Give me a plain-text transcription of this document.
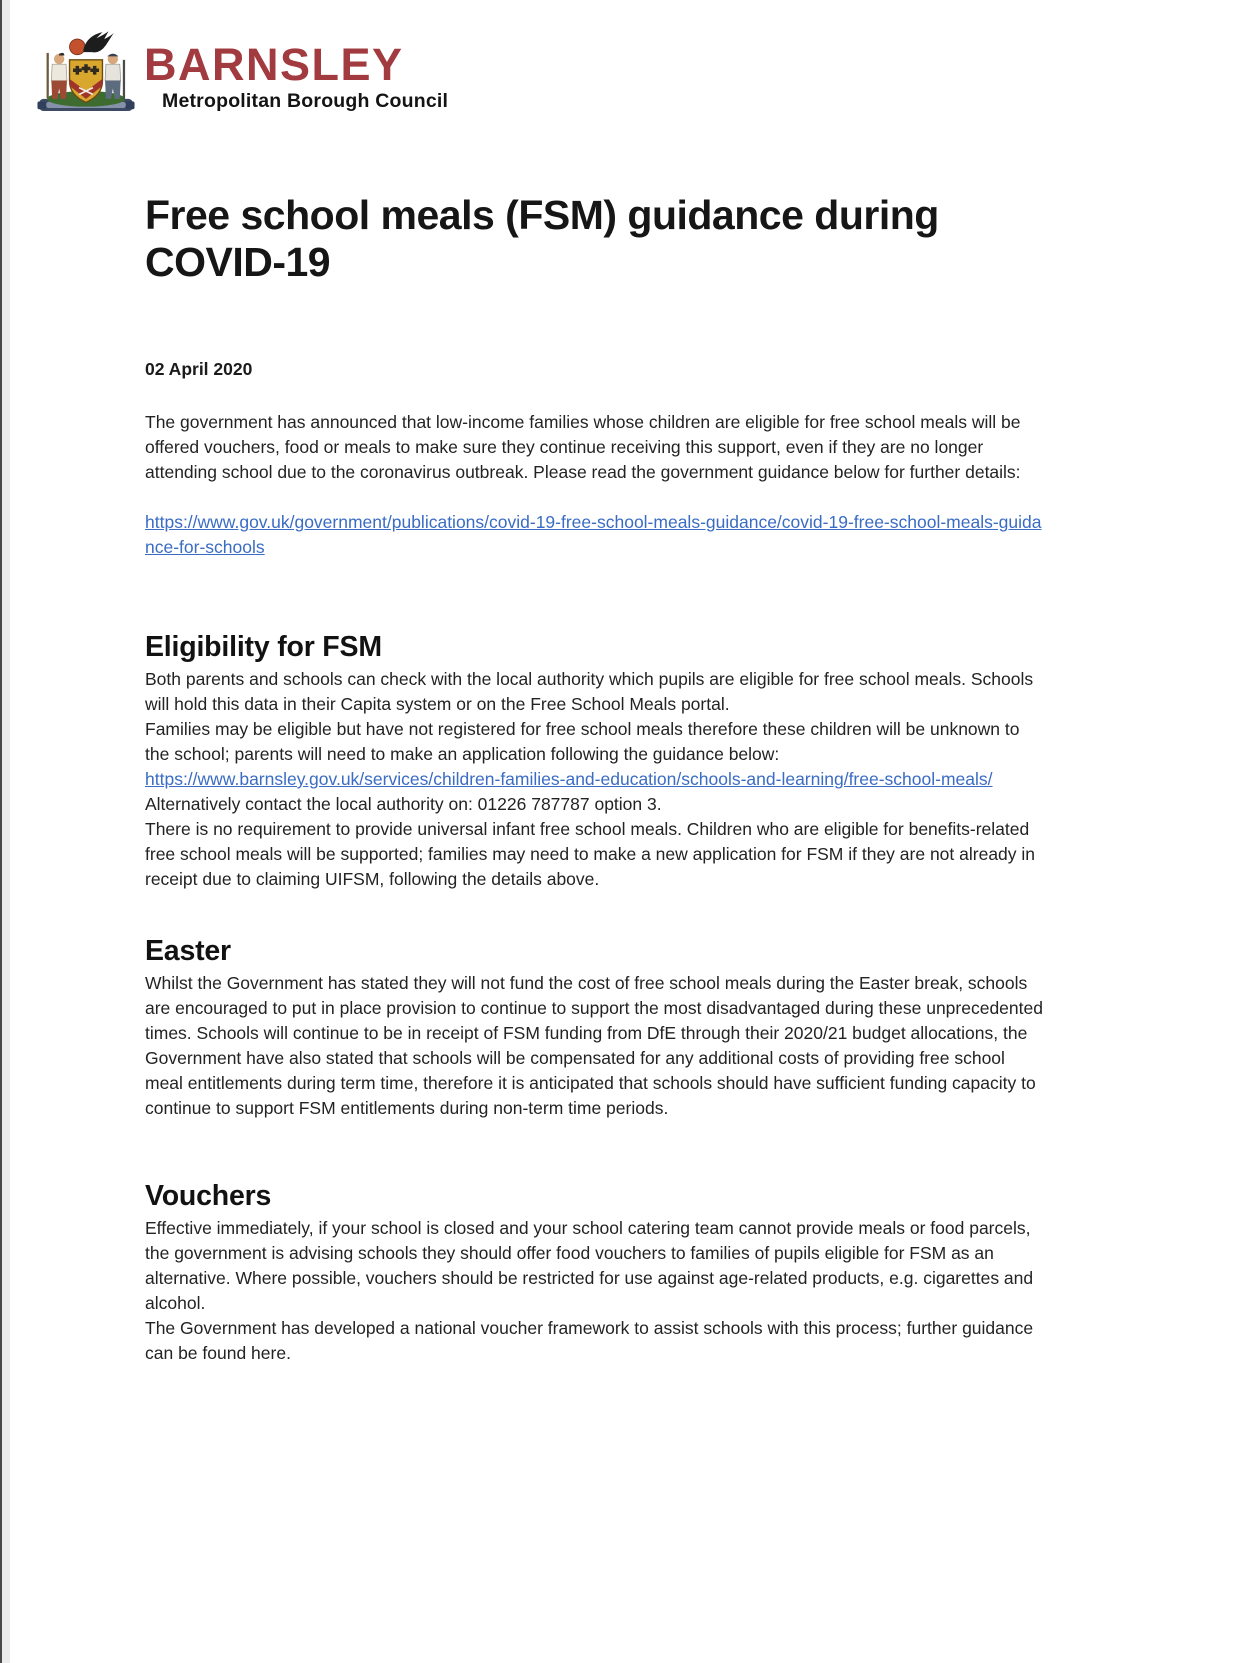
BARNSLEY
Metropolitan Borough Council
Free school meals (FSM) guidance during COVID-19
02 April 2020

The government has announced that low-income families whose children are eligible for free school meals will be offered vouchers, food or meals to make sure they continue receiving this support, even if they are no longer attending school due to the coronavirus outbreak. Please read the government guidance below for further details:

https://www.gov.uk/government/publications/covid-19-free-school-meals-guidance/covid-19-free-school-meals-guidance-for-schools

Eligibility for FSM

Both parents and schools can check with the local authority which pupils are eligible for free school meals. Schools will hold this data in their Capita system or on the Free School Meals portal.

Families may be eligible but have not registered for free school meals therefore these children will be unknown to the school; parents will need to make an application following the guidance below:

https://www.barnsley.gov.uk/services/children-families-and-education/schools-and-learning/free-school-meals/

Alternatively contact the local authority on: 01226 787787 option 3.

There is no requirement to provide universal infant free school meals. Children who are eligible for benefits-related free school meals will be supported; families may need to make a new application for FSM if they are not already in receipt due to claiming UIFSM, following the details above.

Easter

Whilst the Government has stated they will not fund the cost of free school meals during the Easter break, schools are encouraged to put in place provision to continue to support the most disadvantaged during these unprecedented times. Schools will continue to be in receipt of FSM funding from DfE through their 2020/21 budget allocations, the Government have also stated that schools will be compensated for any additional costs of providing free school meal entitlements during term time, therefore it is anticipated that schools should have sufficient funding capacity to continue to support FSM entitlements during non-term time periods.

Vouchers

Effective immediately, if your school is closed and your school catering team cannot provide meals or food parcels, the government is advising schools they should offer food vouchers to families of pupils eligible for FSM as an alternative. Where possible, vouchers should be restricted for use against age-related products, e.g. cigarettes and alcohol.

The Government has developed a national voucher framework to assist schools with this process; further guidance can be found here.
